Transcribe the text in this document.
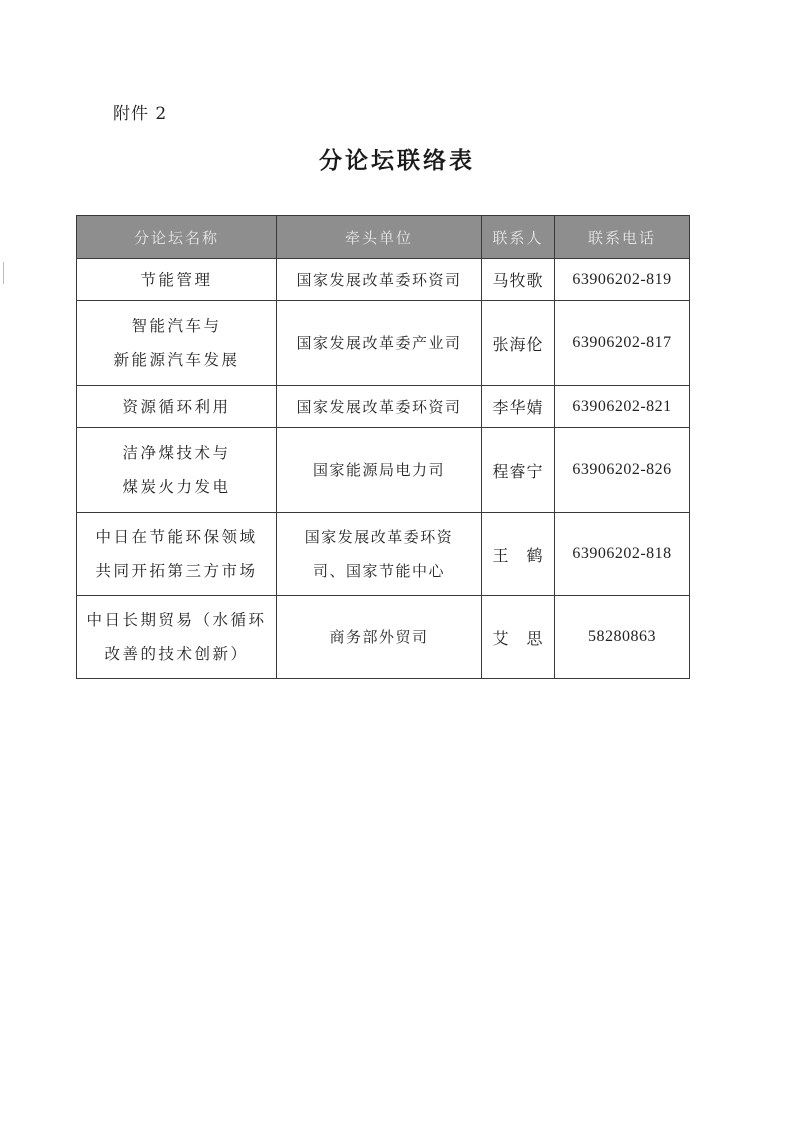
附件 2
分论坛联络表
分论坛名称	牵头单位	联系人	联系电话

节能管理	国家发展改革委环资司	马牧歌	63906202-819

智能汽车与
新能源汽车发展	国家发展改革委产业司	张海伦	63906202-817

资源循环利用	国家发展改革委环资司	李华婧	63906202-821

洁净煤技术与
煤炭火力发电	国家能源局电力司	程睿宁	63906202-826

中日在节能环保领域
共同开拓第三方市场	国家发展改革委环资
司、国家节能中心	王　鹤	63906202-818

中日长期贸易（水循环
改善的技术创新）	商务部外贸司	艾　思	58280863
